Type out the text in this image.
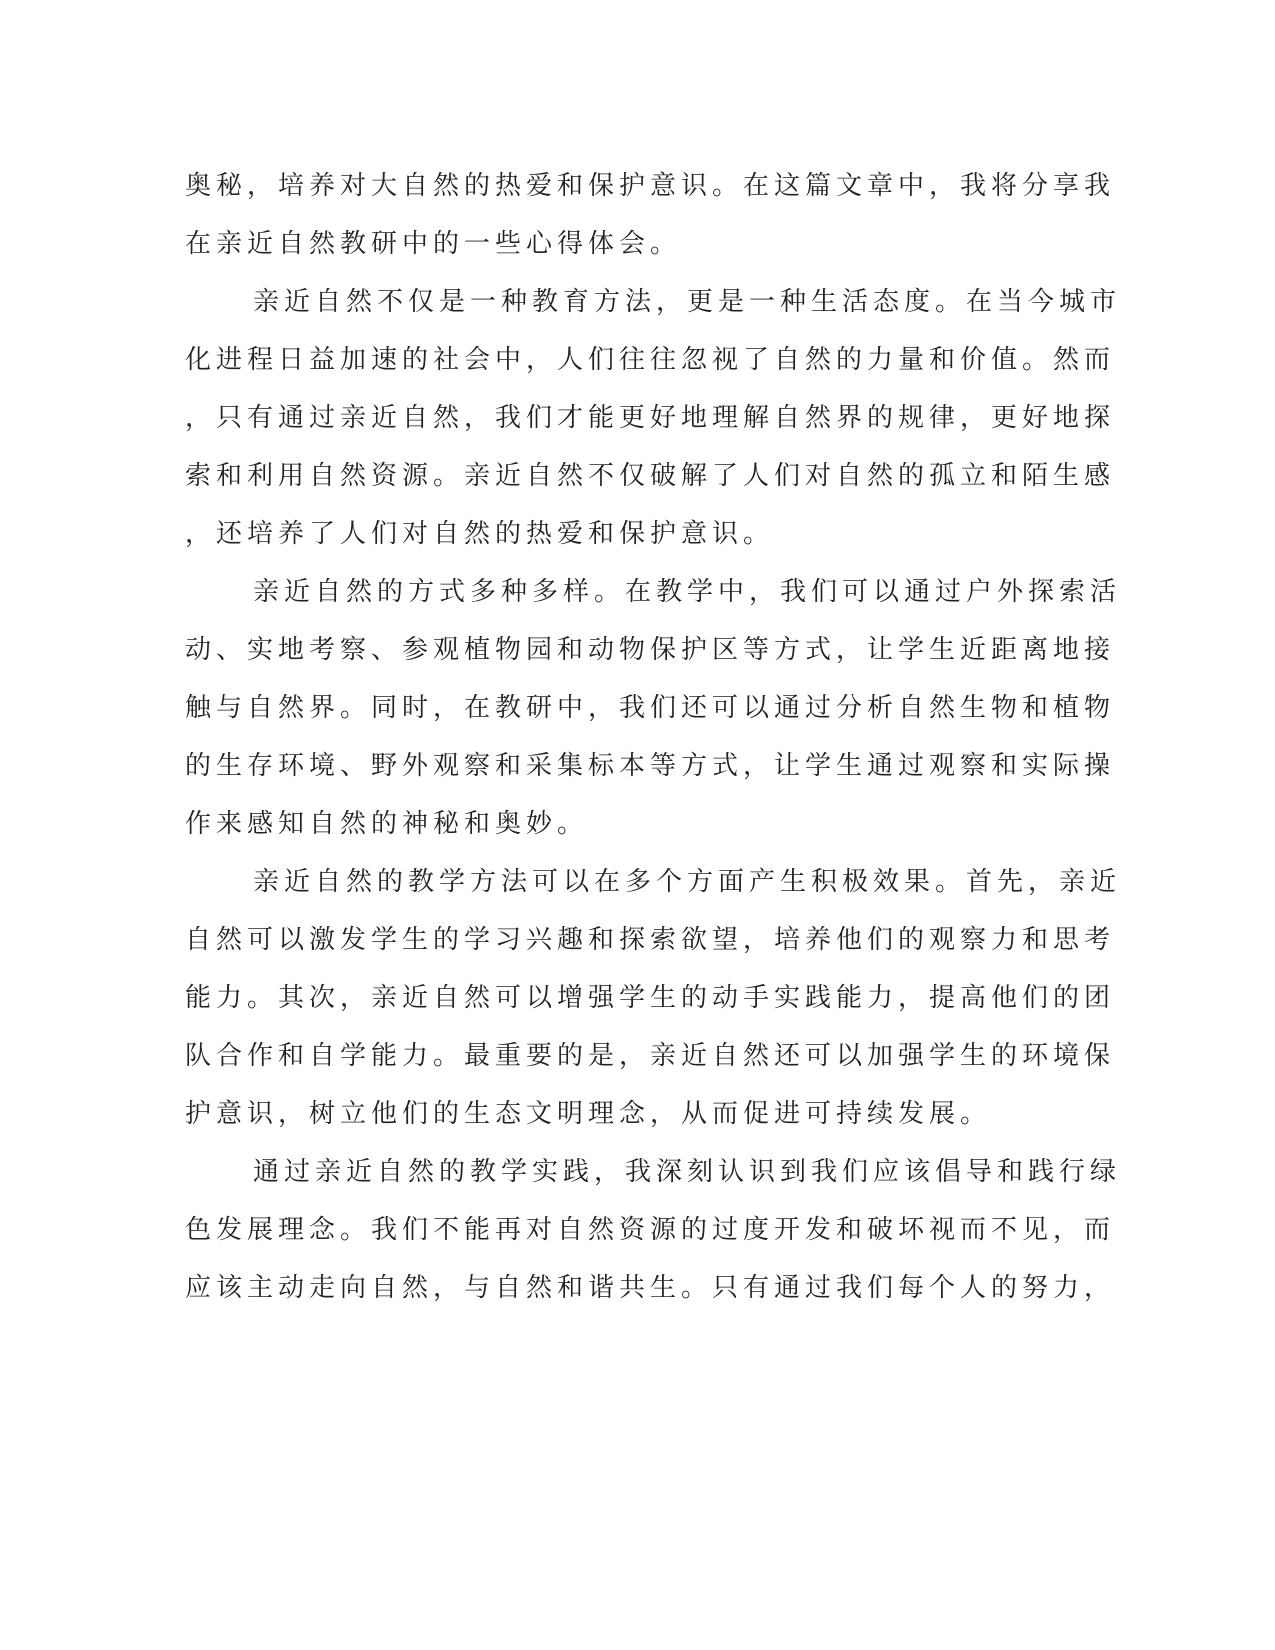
奥秘，培养对大自然的热爱和保护意识。在这篇文章中，我将分享我
在亲近自然教研中的一些心得体会。
亲近自然不仅是一种教育方法，更是一种生活态度。在当今城市
化进程日益加速的社会中，人们往往忽视了自然的力量和价值。然而
，只有通过亲近自然，我们才能更好地理解自然界的规律，更好地探
索和利用自然资源。亲近自然不仅破解了人们对自然的孤立和陌生感
，还培养了人们对自然的热爱和保护意识。
亲近自然的方式多种多样。在教学中，我们可以通过户外探索活
动、实地考察、参观植物园和动物保护区等方式，让学生近距离地接
触与自然界。同时，在教研中，我们还可以通过分析自然生物和植物
的生存环境、野外观察和采集标本等方式，让学生通过观察和实际操
作来感知自然的神秘和奥妙。
亲近自然的教学方法可以在多个方面产生积极效果。首先，亲近
自然可以激发学生的学习兴趣和探索欲望，培养他们的观察力和思考
能力。其次，亲近自然可以增强学生的动手实践能力，提高他们的团
队合作和自学能力。最重要的是，亲近自然还可以加强学生的环境保
护意识，树立他们的生态文明理念，从而促进可持续发展。
通过亲近自然的教学实践，我深刻认识到我们应该倡导和践行绿
色发展理念。我们不能再对自然资源的过度开发和破坏视而不见，而
应该主动走向自然，与自然和谐共生。只有通过我们每个人的努力，
